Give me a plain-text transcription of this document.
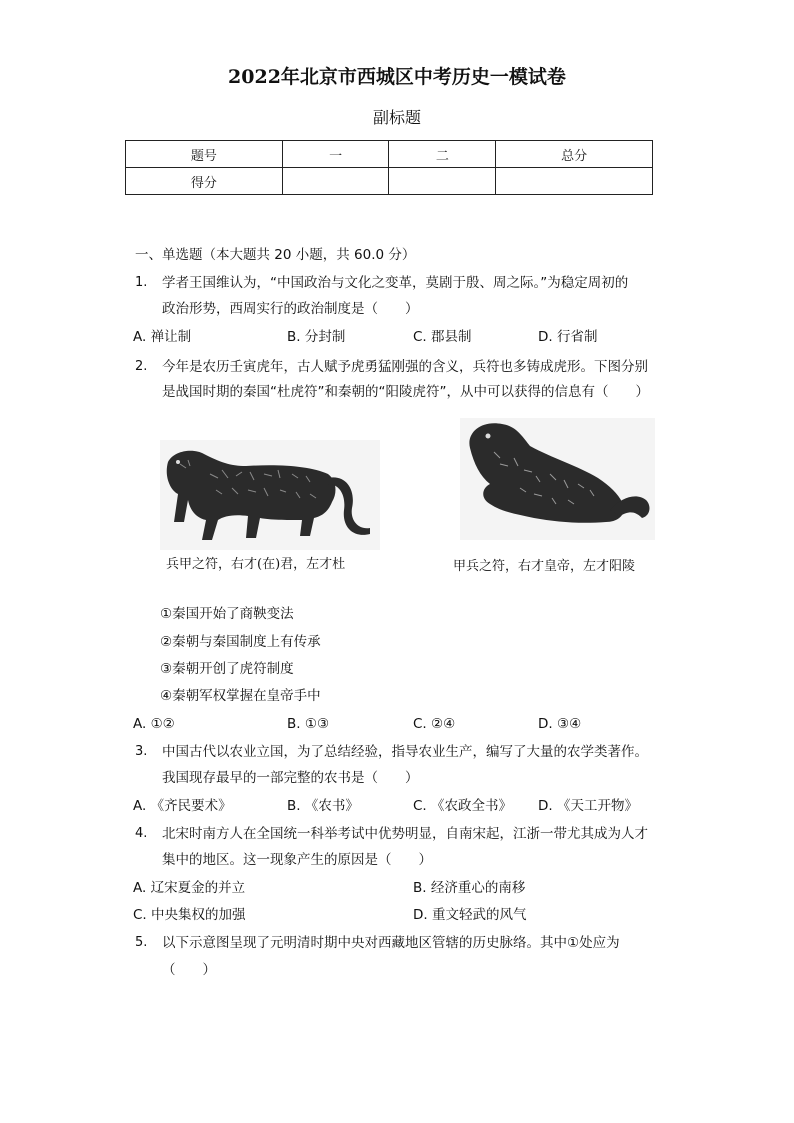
2022年北京市西城区中考历史一模试卷
副标题
题号	一	二	总分
得分			
一、单选题（本大题共 20 小题，共 60.0 分）
1. 学者王国维认为，“中国政治与文化之变革，莫剧于殷、周之际。”为稳定周初的
政治形势，西周实行的政治制度是（　　）
A. 禅让制	B. 分封制	C. 郡县制	D. 行省制
2. 今年是农历壬寅虎年，古人赋予虎勇猛刚强的含义，兵符也多铸成虎形。下图分别
是战国时期的秦国“杜虎符”和秦朝的“阳陵虎符”，从中可以获得的信息有（　　）
兵甲之符，右才(在)君，左才杜	甲兵之符，右才皇帝，左才阳陵
①秦国开始了商鞅变法
②秦朝与秦国制度上有传承
③秦朝开创了虎符制度
④秦朝军权掌握在皇帝手中
A. ①②	B. ①③	C. ②④	D. ③④
3. 中国古代以农业立国，为了总结经验，指导农业生产，编写了大量的农学类著作。
我国现存最早的一部完整的农书是（　　）
A. 《齐民要术》	B. 《农书》	C. 《农政全书》 D. 《天工开物》
4. 北宋时南方人在全国统一科举考试中优势明显，自南宋起，江浙一带尤其成为人才
集中的地区。这一现象产生的原因是（　　）
A. 辽宋夏金的并立	B. 经济重心的南移
C. 中央集权的加强	D. 重文轻武的风气
5. 以下示意图呈现了元明清时期中央对西藏地区管辖的历史脉络。其中①处应为
（　　）
